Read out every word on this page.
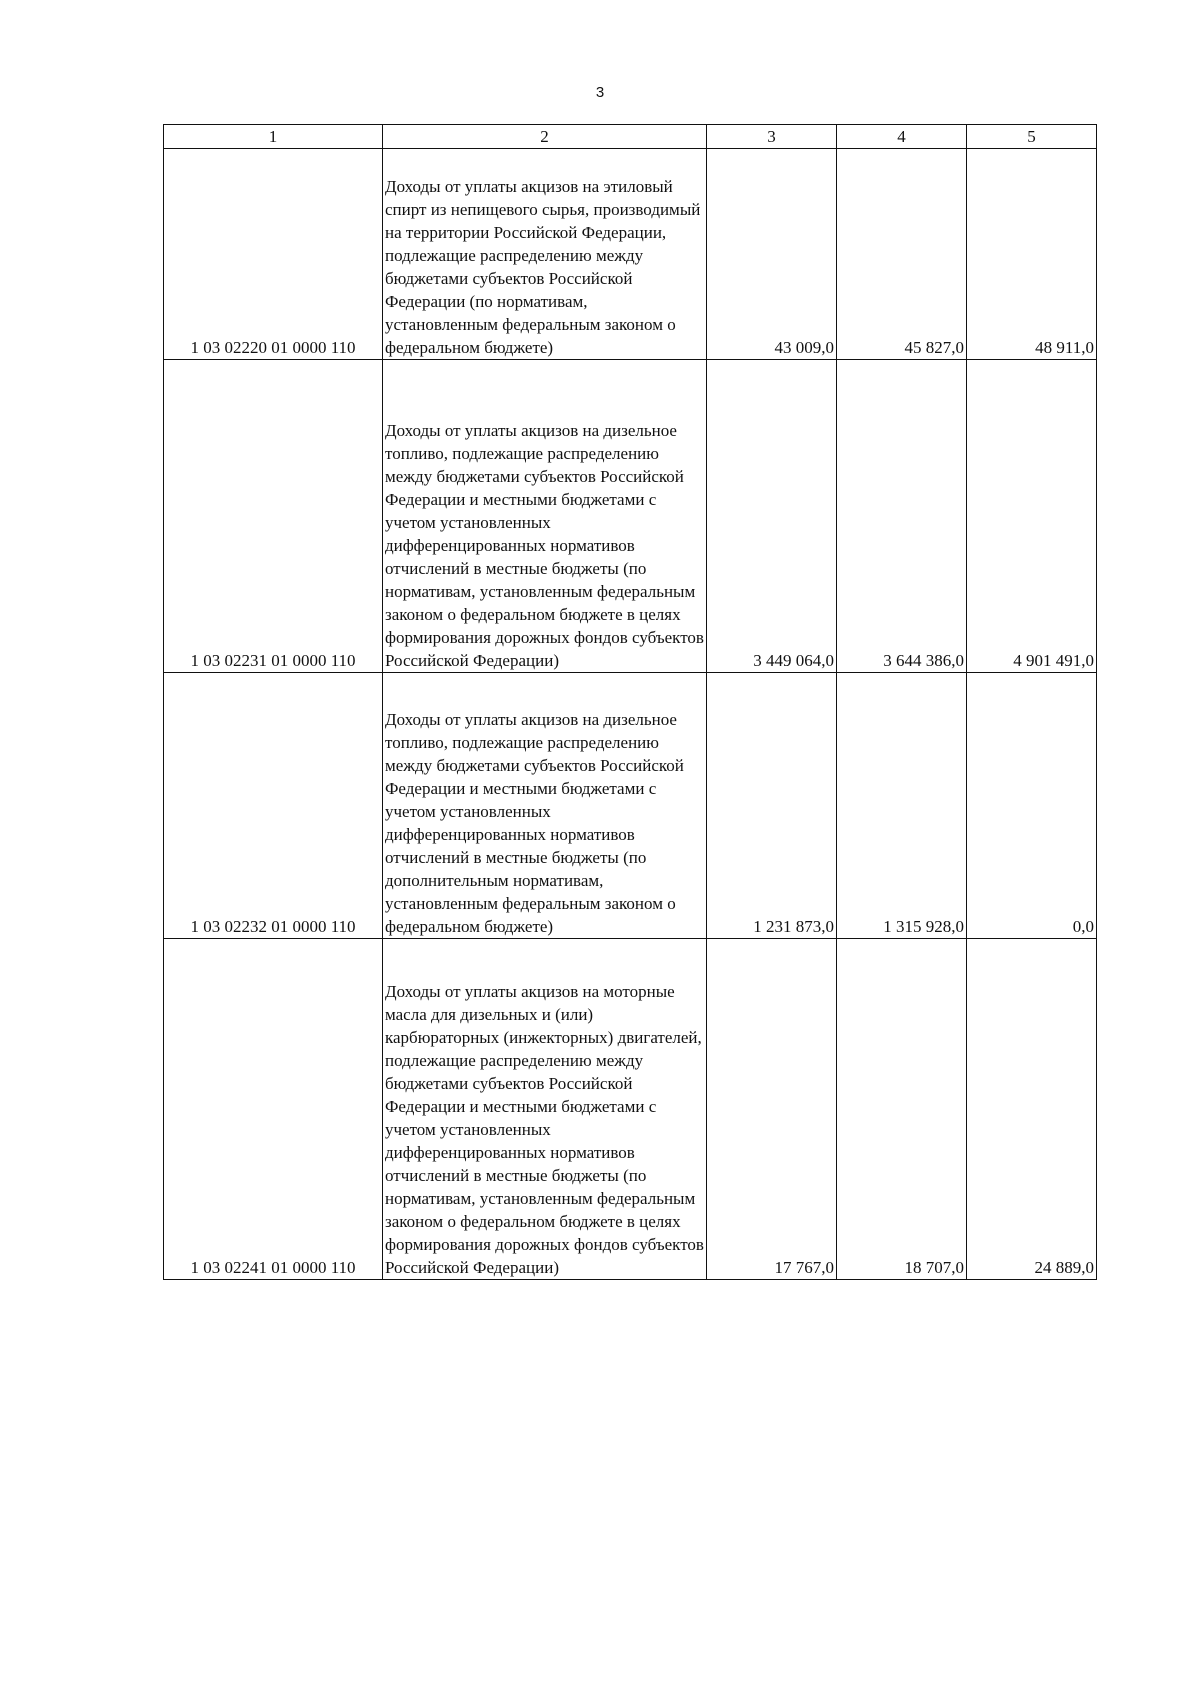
3
1	2	3	4	5
1 03 02220 01 0000 110	Доходы от уплаты акцизов на этиловый спирт из непищевого сырья, производимый на территории Российской Федерации, подлежащие распределению между бюджетами субъектов Российской Федерации (по нормативам, установленным федеральным законом о федеральном бюджете)	43 009,0	45 827,0	48 911,0
1 03 02231 01 0000 110	Доходы от уплаты акцизов на дизельное топливо, подлежащие распределению между бюджетами субъектов Российской Федерации и местными бюджетами с учетом установленных дифференцированных нормативов отчислений в местные бюджеты (по нормативам, установленным федеральным законом о федеральном бюджете в целях формирования дорожных фондов субъектов Российской Федерации)	3 449 064,0	3 644 386,0	4 901 491,0
1 03 02232 01 0000 110	Доходы от уплаты акцизов на дизельное топливо, подлежащие распределению между бюджетами субъектов Российской Федерации и местными бюджетами с учетом установленных дифференцированных нормативов отчислений в местные бюджеты (по дополнительным нормативам, установленным федеральным законом о федеральном бюджете)	1 231 873,0	1 315 928,0	0,0
1 03 02241 01 0000 110	Доходы от уплаты акцизов на моторные масла для дизельных и (или) карбюраторных (инжекторных) двигателей, подлежащие распределению между бюджетами субъектов Российской Федерации и местными бюджетами с учетом установленных дифференцированных нормативов отчислений в местные бюджеты (по нормативам, установленным федеральным законом о федеральном бюджете в целях формирования дорожных фондов субъектов Российской Федерации)	17 767,0	18 707,0	24 889,0
